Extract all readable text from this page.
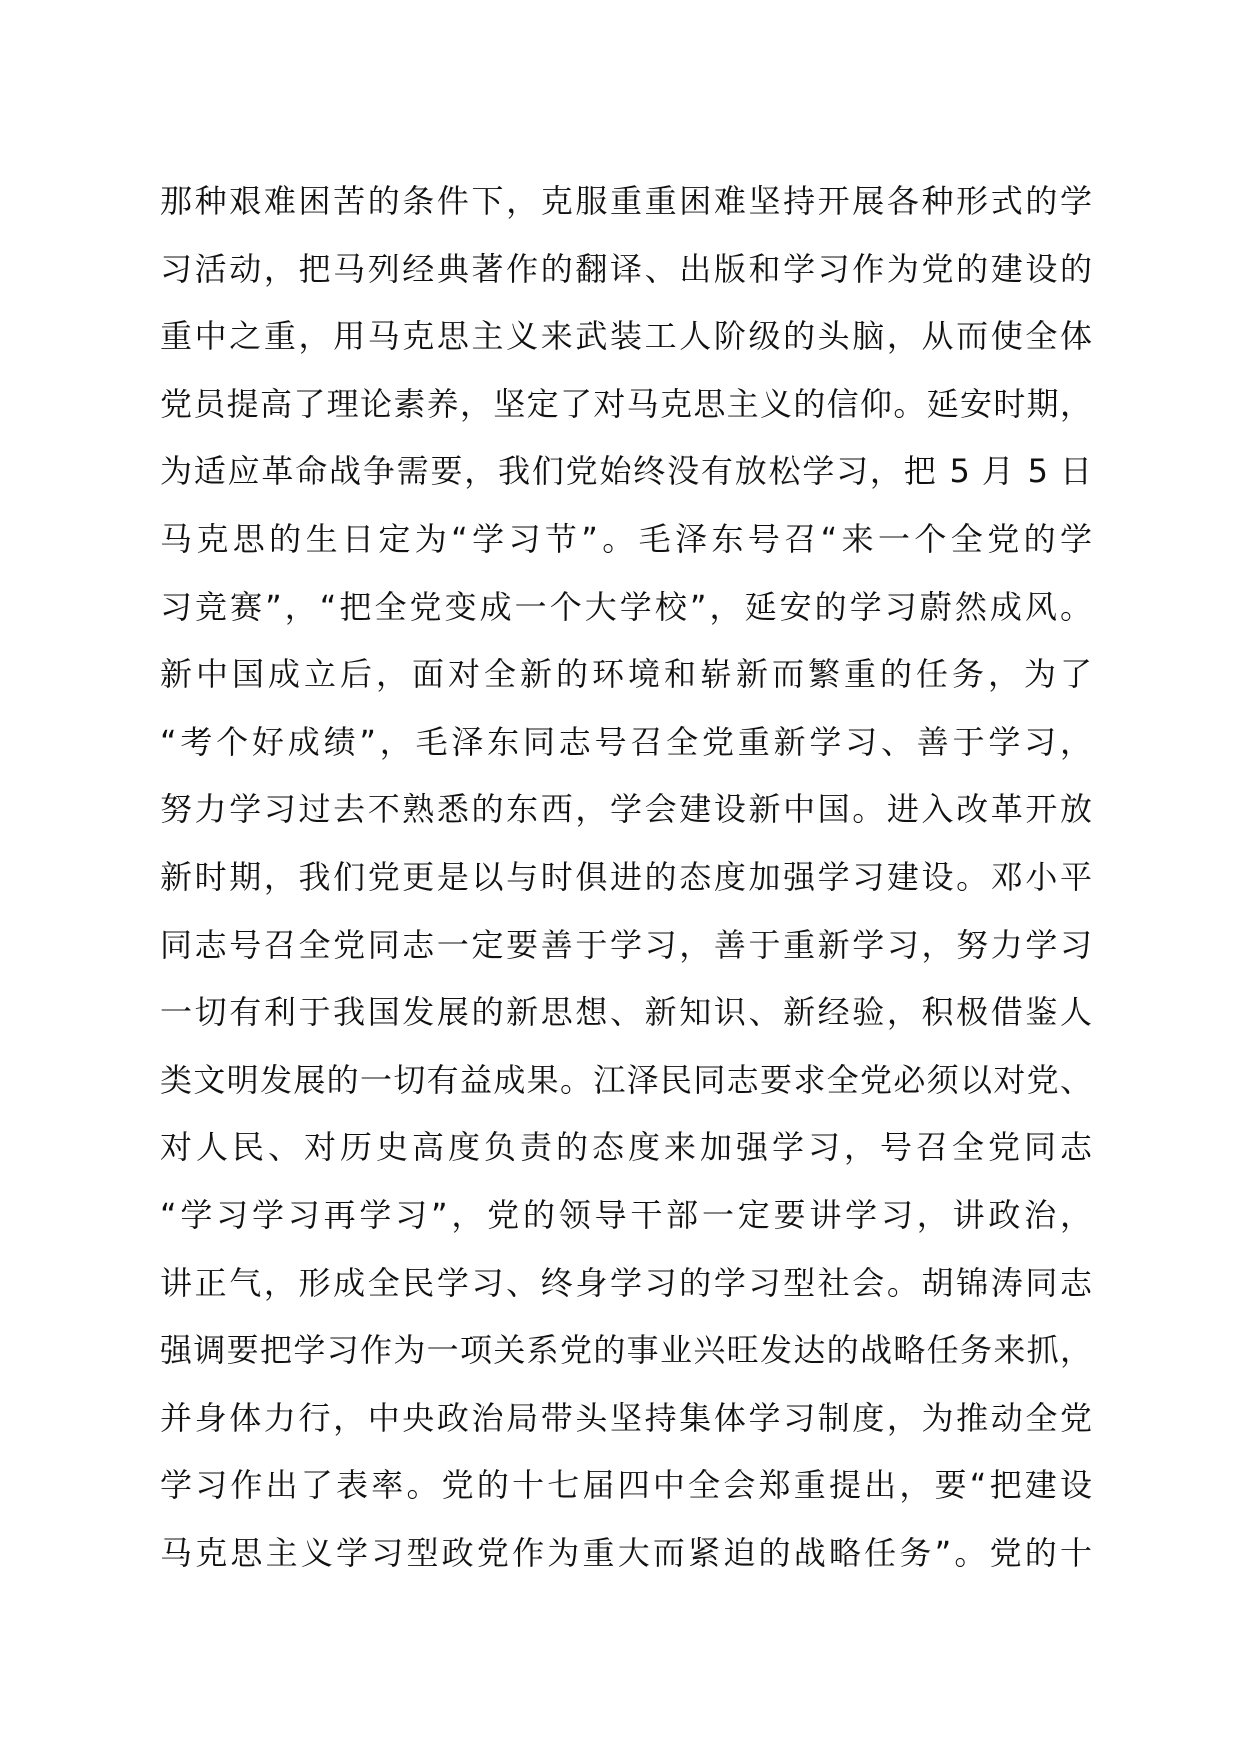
那种艰难困苦的条件下，克服重重困难坚持开展各种形式的学
习活动，把马列经典著作的翻译、出版和学习作为党的建设的
重中之重，用马克思主义来武装工人阶级的头脑，从而使全体
党员提高了理论素养，坚定了对马克思主义的信仰。延安时期，
为适应革命战争需要，我们党始终没有放松学习，把 5 月 5 日
马克思的生日定为“学习节”。毛泽东号召“来一个全党的学
习竞赛”，“把全党变成一个大学校”，延安的学习蔚然成风。
新中国成立后，面对全新的环境和崭新而繁重的任务，为了
“考个好成绩”，毛泽东同志号召全党重新学习、善于学习，
努力学习过去不熟悉的东西，学会建设新中国。进入改革开放
新时期，我们党更是以与时俱进的态度加强学习建设。邓小平
同志号召全党同志一定要善于学习，善于重新学习，努力学习
一切有利于我国发展的新思想、新知识、新经验，积极借鉴人
类文明发展的一切有益成果。江泽民同志要求全党必须以对党、
对人民、对历史高度负责的态度来加强学习，号召全党同志
“学习学习再学习”，党的领导干部一定要讲学习，讲政治，
讲正气，形成全民学习、终身学习的学习型社会。胡锦涛同志
强调要把学习作为一项关系党的事业兴旺发达的战略任务来抓，
并身体力行，中央政治局带头坚持集体学习制度，为推动全党
学习作出了表率。党的十七届四中全会郑重提出，要“把建设
马克思主义学习型政党作为重大而紧迫的战略任务”。党的十
